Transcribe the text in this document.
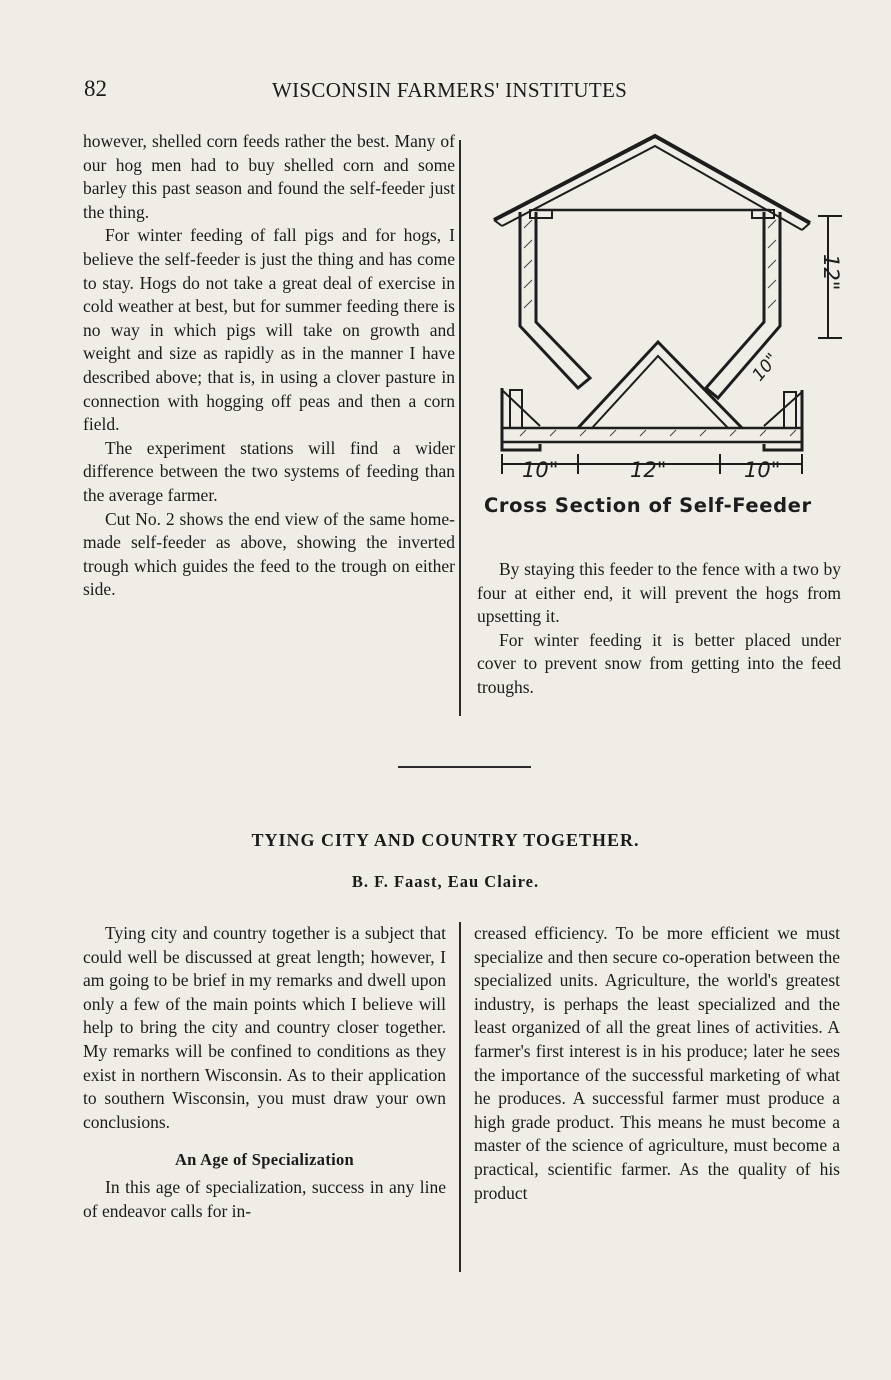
82	WISCONSIN FARMERS' INSTITUTES

however, shelled corn feeds rather the best. Many of our hog men had to buy shelled corn and some barley this past season and found the self-feeder just the thing.

For winter feeding of fall pigs and for hogs, I believe the self-feeder is just the thing and has come to stay. Hogs do not take a great deal of exercise in cold weather at best, but for summer feeding there is no way in which pigs will take on growth and weight and size as rapidly as in the manner I have described above; that is, in using a clover pasture in connection with hogging off peas and then a corn field.

The experiment stations will find a wider difference between the two systems of feeding than the average farmer.

Cut No. 2 shows the end view of the same home-made self-feeder as above, showing the inverted trough which guides the feed to the trough on either side.

10"	12"	10"
12"
10"
Cross Section of Self-Feeder

By staying this feeder to the fence with a two by four at either end, it will prevent the hogs from upsetting it.

For winter feeding it is better placed under cover to prevent snow from getting into the feed troughs.

TYING CITY AND COUNTRY TOGETHER.
B. F. Faast, Eau Claire.

Tying city and country together is a subject that could well be discussed at great length; however, I am going to be brief in my remarks and dwell upon only a few of the main points which I believe will help to bring the city and country closer together. My remarks will be confined to conditions as they exist in northern Wisconsin. As to their application to southern Wisconsin, you must draw your own conclusions.

An Age of Specialization

In this age of specialization, success in any line of endeavor calls for in-

creased efficiency. To be more efficient we must specialize and then secure co-operation between the specialized units. Agriculture, the world's greatest industry, is perhaps the least specialized and the least organized of all the great lines of activities. A farmer's first interest is in his produce; later he sees the importance of the successful marketing of what he produces. A successful farmer must produce a high grade product. This means he must become a master of the science of agriculture, must become a practical, scientific farmer. As the quality of his product
